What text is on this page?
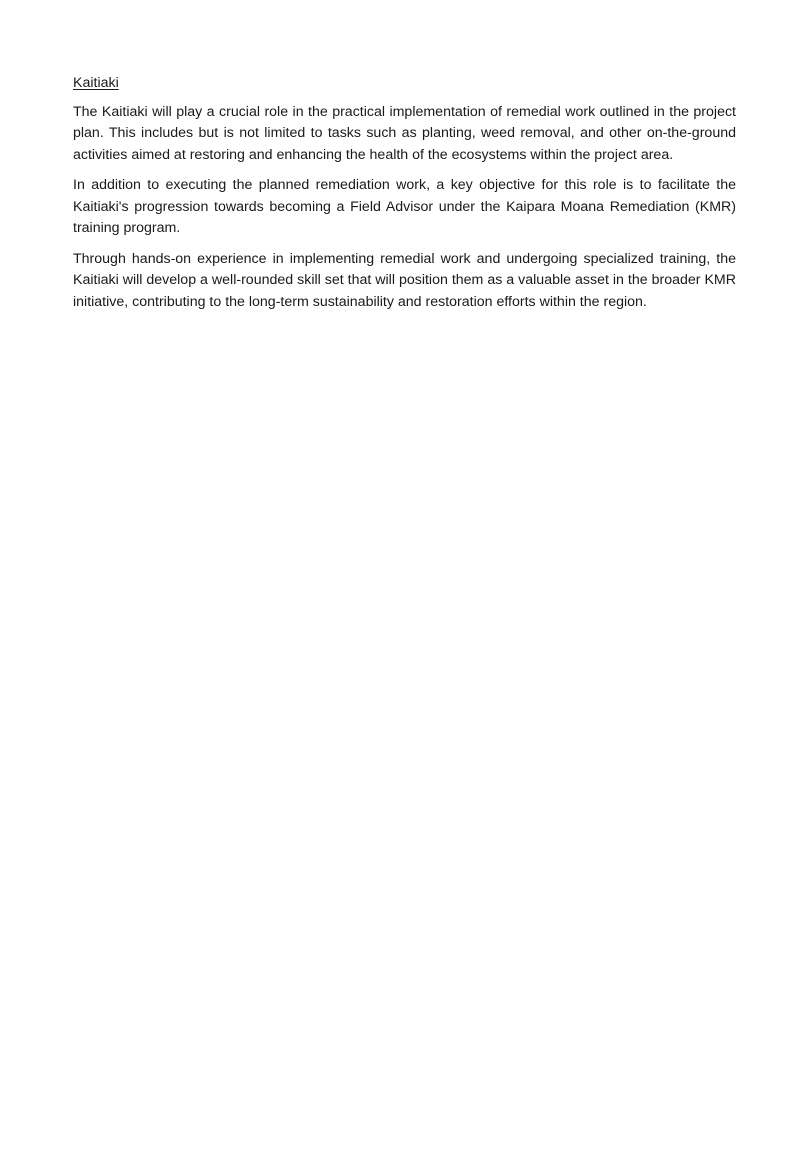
Kaitiaki

The Kaitiaki will play a crucial role in the practical implementation of remedial work outlined in the project plan. This includes but is not limited to tasks such as planting, weed removal, and other on-the-ground activities aimed at restoring and enhancing the health of the ecosystems within the project area.

In addition to executing the planned remediation work, a key objective for this role is to facilitate the Kaitiaki's progression towards becoming a Field Advisor under the Kaipara Moana Remediation (KMR) training program.

Through hands-on experience in implementing remedial work and undergoing specialized training, the Kaitiaki will develop a well-rounded skill set that will position them as a valuable asset in the broader KMR initiative, contributing to the long-term sustainability and restoration efforts within the region.
